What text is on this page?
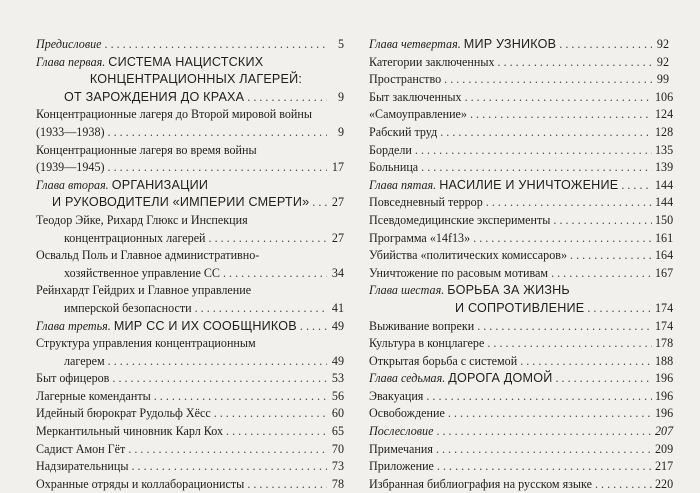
Предисловие . . .	5
Глава первая.
СИСТЕМА НАЦИСТСКИХ
КОНЦЕНТРАЦИОННЫХ ЛАГЕРЕЙ:
ОТ ЗАРОЖДЕНИЯ ДО КРАХА . . .	9
Концентрационные лагеря до Второй мировой войны
(1933—1938) . . .	9
Концентрационные лагеря во время войны
(1939—1945) . . .	17
Глава вторая.
ОРГАНИЗАЦИИ
И РУКОВОДИТЕЛИ «ИМПЕРИИ СМЕРТИ» . . . 27
Теодор Эйке, Рихард Глюкс и Инспекция
концентрационных лагерей . . .	27
Освальд Поль и Главное административно-
хозяйственное управление СС . . .	34
Рейнхардт Гейдрих и Главное управление
имперской безопасности . . .	41
Глава третья.
МИР СС И ИХ СООБЩНИКОВ . . .	49
Структура управления концентрационным
лагерем . . .	49
Быт офицеров . . .	53
Лагерные коменданты . . .	56
Идейный бюрократ Рудольф Хёсс . . .	60
Меркантильный чиновник Карл Кох . . .	65
Садист Амон Гёт . . .	70
Надзирательницы . . .	73
Охранные отряды и коллаборационисты . . .	78
Глава четвертая.
МИР УЗНИКОВ . . .	92
Категории заключенных . . .	92
Пространство . . .	99
Быт заключенных . . .	106
«Самоуправление» . . .	124
Рабский труд . . .	128
Бордели . . .	135
Больница . . .	139
Глава пятая.
НАСИЛИЕ И УНИЧТОЖЕНИЕ . . .	144
Повседневный террор . . .	144
Псевдомедицинские эксперименты . . .	150
Программа «14f13» . . .	161
Убийства «политических комиссаров» . . .	164
Уничтожение по расовым мотивам . . .	167
Глава шестая.
БОРЬБА ЗА ЖИЗНЬ
И СОПРОТИВЛЕНИЕ . . .	174
Выживание вопреки . . .	174
Культура в концлагере . . .	178
Открытая борьба с системой . . .	188
Глава седьмая.
ДОРОГА ДОМОЙ . . .	196
Эвакуация . . .	196
Освобождение . . .	196
Послесловие . . .	207
Примечания . . .	209
Приложение . . .	217
Избранная библиография на русском языке . . .	220
